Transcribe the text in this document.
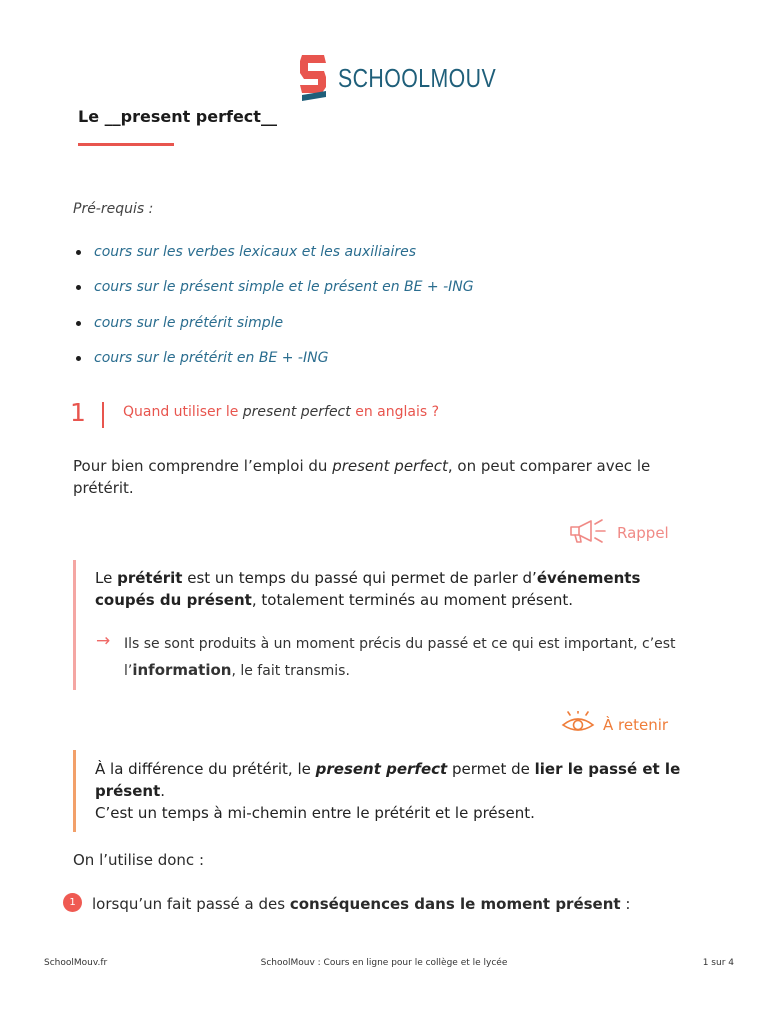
SCHOOLMOUV
Le __present perfect__
Pré-requis :
cours sur les verbes lexicaux et les auxiliaires
cours sur le présent simple et le présent en BE + -ING
cours sur le prétérit simple
cours sur le prétérit en BE + -ING
1	Quand utiliser le present perfect en anglais ?
Pour bien comprendre l’emploi du present perfect, on peut comparer avec le prétérit.
Rappel
Le prétérit est un temps du passé qui permet de parler d’événements coupés du présent, totalement terminés au moment présent.
→ Ils se sont produits à un moment précis du passé et ce qui est important, c’est l’information, le fait transmis.
À retenir
À la différence du prétérit, le present perfect permet de lier le passé et le présent.
C’est un temps à mi-chemin entre le prétérit et le présent.
On l’utilise donc :
1	lorsqu’un fait passé a des conséquences dans le moment présent :
SchoolMouv.fr	SchoolMouv : Cours en ligne pour le collège et le lycée	1 sur 4
